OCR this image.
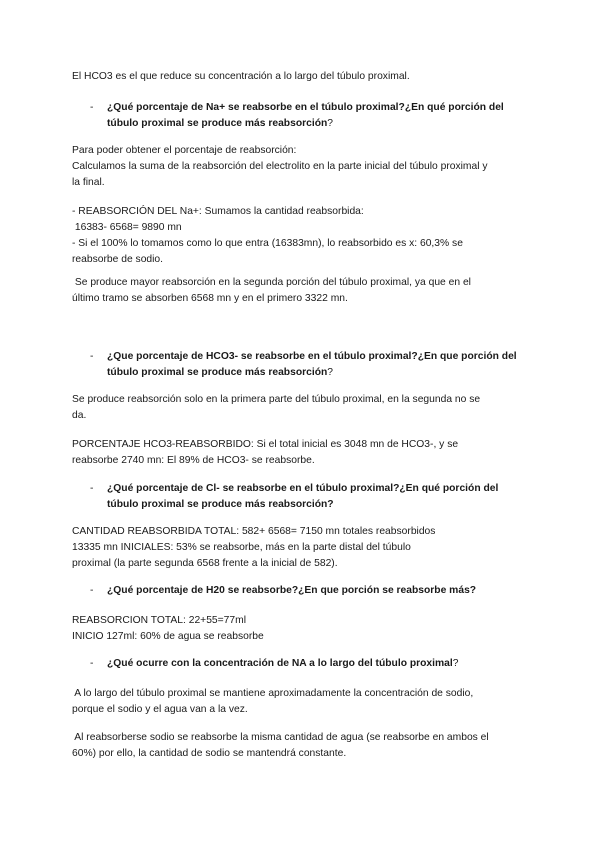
El HCO3 es el que reduce su concentración a lo largo del túbulo proximal.

- ¿Qué porcentaje de Na+ se reabsorbe en el túbulo proximal?¿En qué porción del túbulo proximal se produce más reabsorción?
Para poder obtener el porcentaje de reabsorción:
Calculamos la suma de la reabsorción del electrolito en la parte inicial del túbulo proximal y
la final.
- REABSORCIÓN DEL Na+: Sumamos la cantidad reabsorbida:
16383- 6568= 9890 mn
- Si el 100% lo tomamos como lo que entra (16383mn), lo reabsorbido es x: 60,3% se
reabsorbe de sodio.
Se produce mayor reabsorción en la segunda porción del túbulo proximal, ya que en el
último tramo se absorben 6568 mn y en el primero 3322 mn.
- ¿Que porcentaje de HCO3- se reabsorbe en el túbulo proximal?¿En que porción del túbulo proximal se produce más reabsorción?
Se produce reabsorción solo en la primera parte del túbulo proximal, en la segunda no se
da.
PORCENTAJE HCO3-REABSORBIDO: Si el total inicial es 3048 mn de HCO3-, y se
reabsorbe 2740 mn: El 89% de HCO3- se reabsorbe.
- ¿Qué porcentaje de Cl- se reabsorbe en el túbulo proximal?¿En qué porción del túbulo proximal se produce más reabsorción?
CANTIDAD REABSORBIDA TOTAL: 582+ 6568= 7150 mn totales reabsorbidos
13335 mn INICIALES: 53% se reabsorbe, más en la parte distal del túbulo
proximal (la parte segunda 6568 frente a la inicial de 582).
- ¿Qué porcentaje de H20 se reabsorbe?¿En que porción se reabsorbe más?
REABSORCION TOTAL: 22+55=77ml
INICIO 127ml: 60% de agua se reabsorbe
- ¿Qué ocurre con la concentración de NA a lo largo del túbulo proximal?
A lo largo del túbulo proximal se mantiene aproximadamente la concentración de sodio,
porque el sodio y el agua van a la vez.
Al reabsorberse sodio se reabsorbe la misma cantidad de agua (se reabsorbe en ambos el
60%) por ello, la cantidad de sodio se mantendrá constante.
